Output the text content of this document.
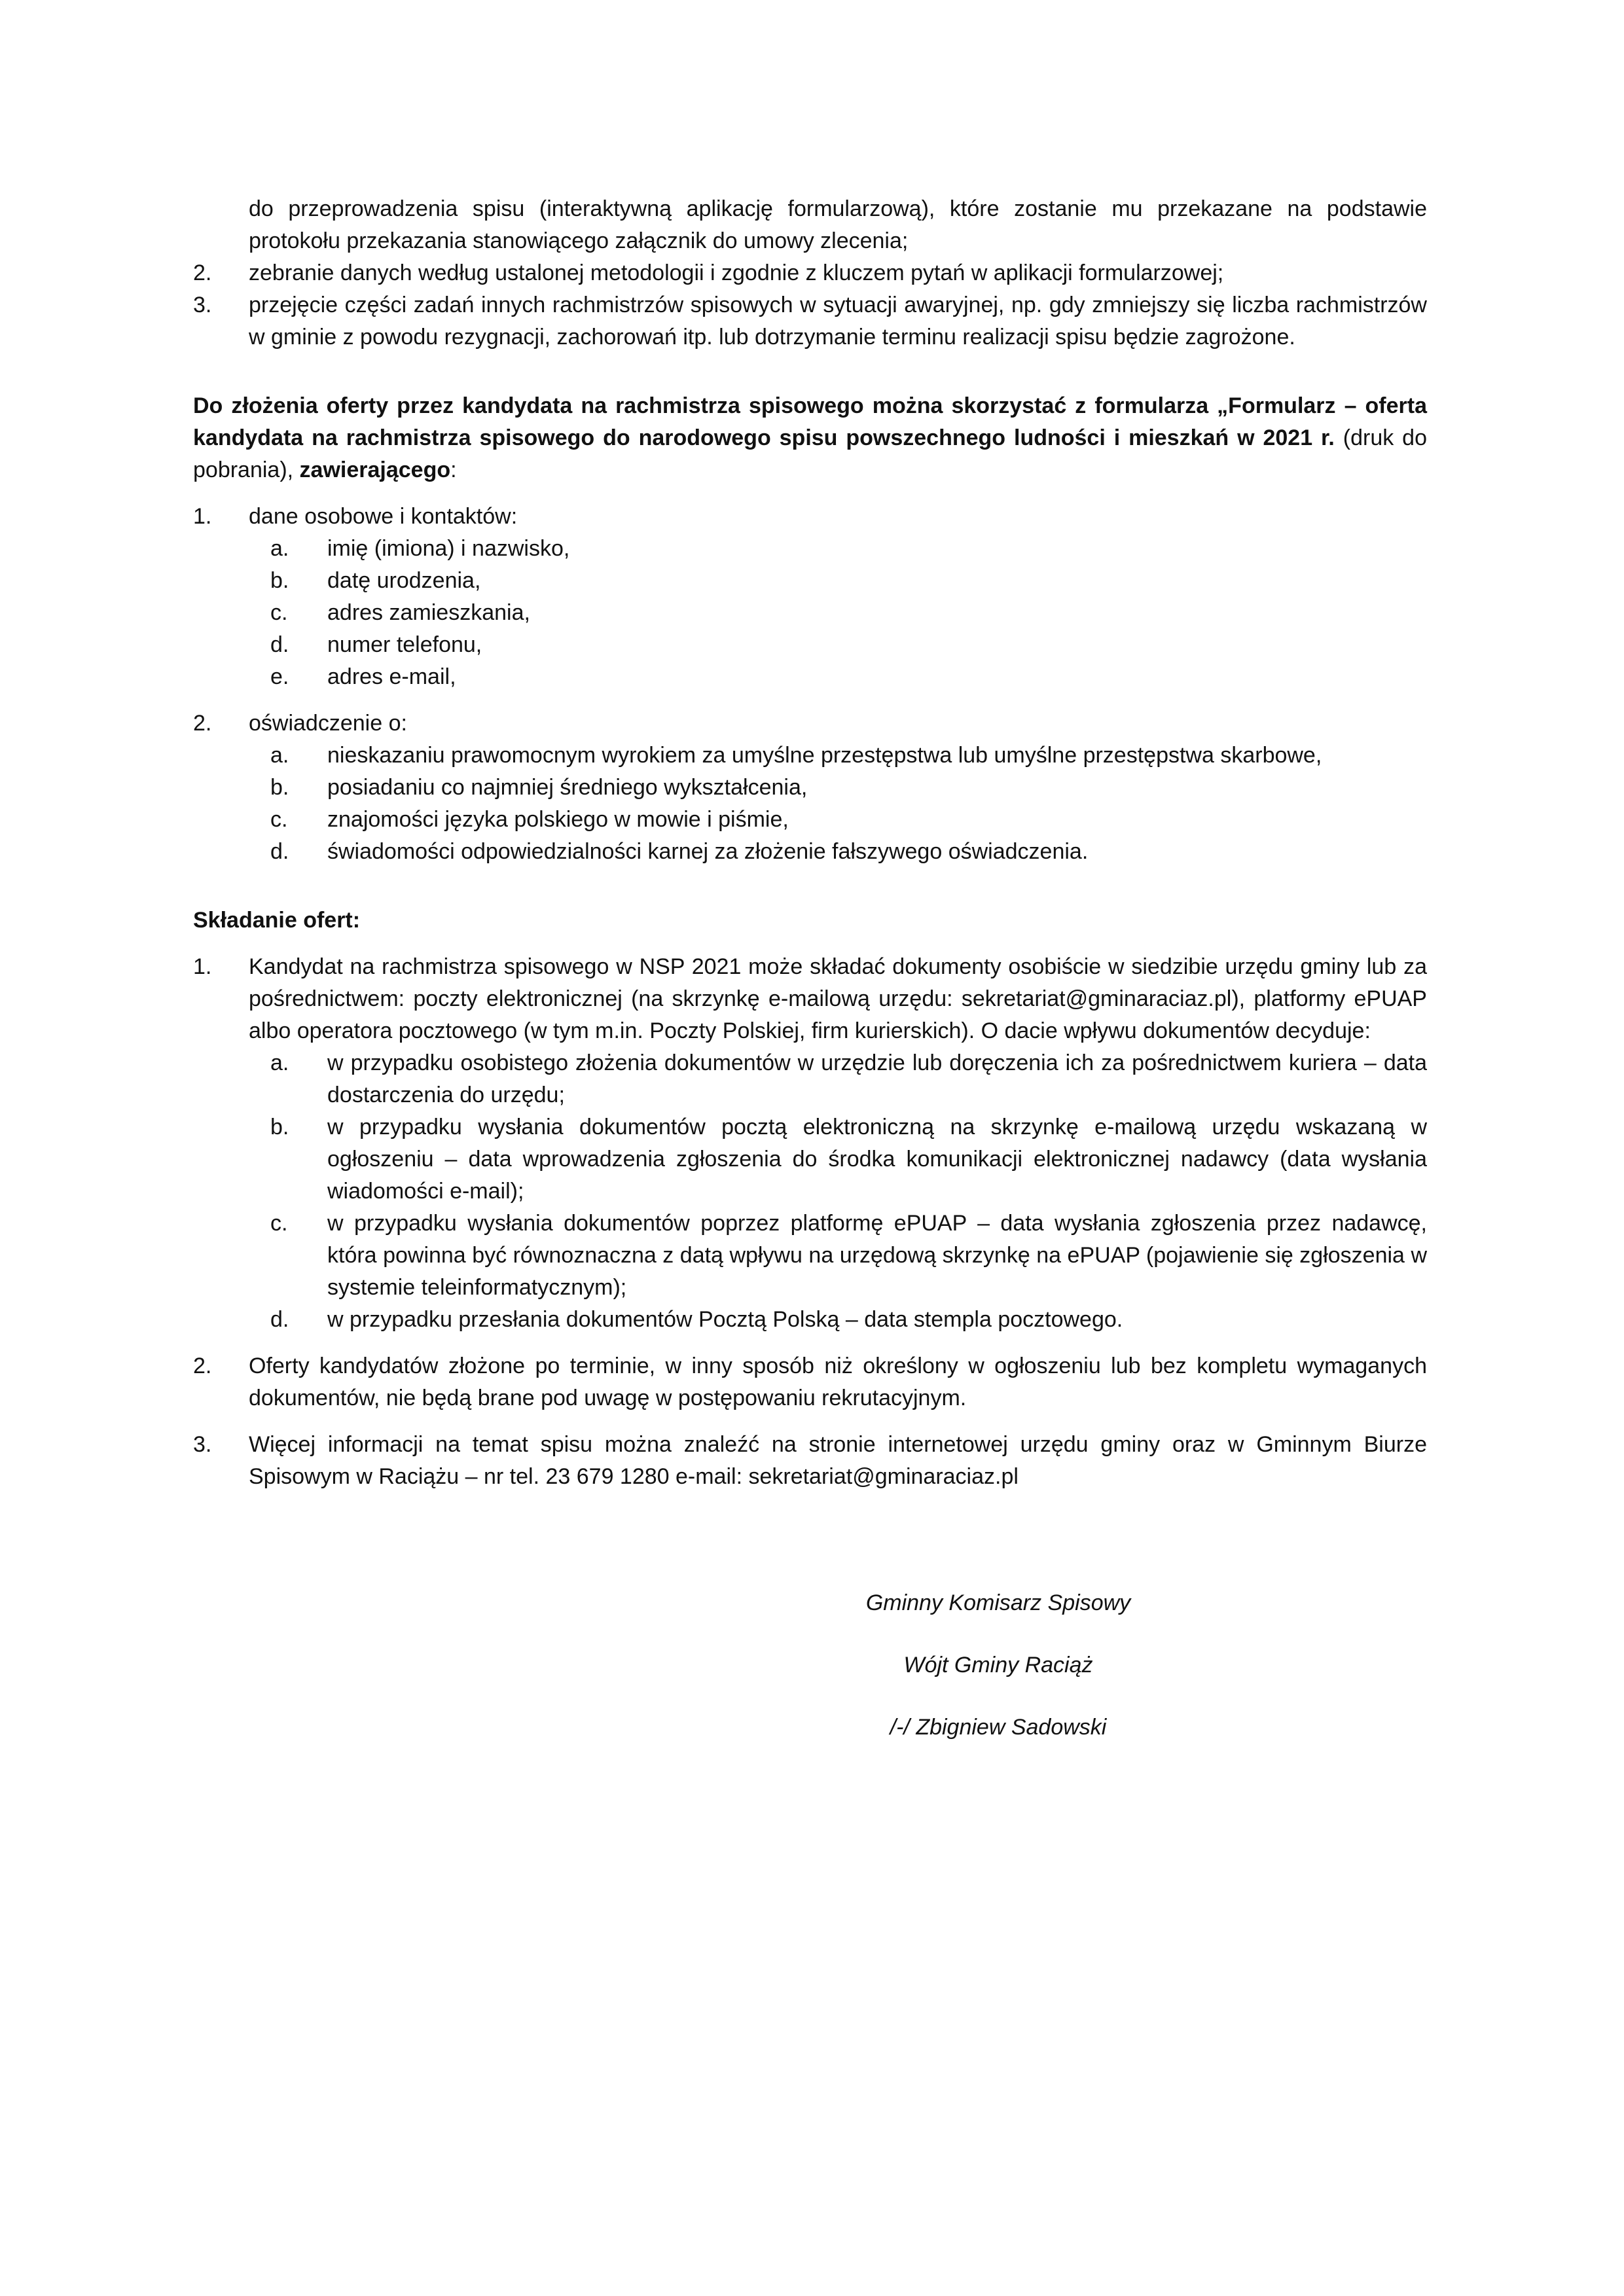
do przeprowadzenia spisu (interaktywną aplikację formularzową), które zostanie mu przekazane na podstawie protokołu przekazania stanowiącego załącznik do umowy zlecenia;
2. zebranie danych według ustalonej metodologii i zgodnie z kluczem pytań w aplikacji formularzowej;
3. przejęcie części zadań innych rachmistrzów spisowych w sytuacji awaryjnej, np. gdy zmniejszy się liczba rachmistrzów w gminie z powodu rezygnacji, zachorowań itp. lub dotrzymanie terminu realizacji spisu będzie zagrożone.
Do złożenia oferty przez kandydata na rachmistrza spisowego można skorzystać z formularza „Formularz – oferta kandydata na rachmistrza spisowego do narodowego spisu powszechnego ludności i mieszkań w 2021 r. (druk do pobrania), zawierającego:
1. dane osobowe i kontaktów:
a. imię (imiona) i nazwisko,
b. datę urodzenia,
c. adres zamieszkania,
d. numer telefonu,
e. adres e-mail,
2. oświadczenie o:
a. nieskazaniu prawomocnym wyrokiem za umyślne przestępstwa lub umyślne przestępstwa skarbowe,
b. posiadaniu co najmniej średniego wykształcenia,
c. znajomości języka polskiego w mowie i piśmie,
d. świadomości odpowiedzialności karnej za złożenie fałszywego oświadczenia.
Składanie ofert:
1. Kandydat na rachmistrza spisowego w NSP 2021 może składać dokumenty osobiście w siedzibie urzędu gminy lub za pośrednictwem: poczty elektronicznej (na skrzynkę e-mailową urzędu: sekretariat@gminaraciaz.pl), platformy ePUAP albo operatora pocztowego (w tym m.in. Poczty Polskiej, firm kurierskich). O dacie wpływu dokumentów decyduje:
a. w przypadku osobistego złożenia dokumentów w urzędzie lub doręczenia ich za pośrednictwem kuriera – data dostarczenia do urzędu;
b. w przypadku wysłania dokumentów pocztą elektroniczną na skrzynkę e-mailową urzędu wskazaną w ogłoszeniu – data wprowadzenia zgłoszenia do środka komunikacji elektronicznej nadawcy (data wysłania wiadomości e-mail);
c. w przypadku wysłania dokumentów poprzez platformę ePUAP – data wysłania zgłoszenia przez nadawcę, która powinna być równoznaczna z datą wpływu na urzędową skrzynkę na ePUAP (pojawienie się zgłoszenia w systemie teleinformatycznym);
d. w przypadku przesłania dokumentów Pocztą Polską – data stempla pocztowego.
2. Oferty kandydatów złożone po terminie, w inny sposób niż określony w ogłoszeniu lub bez kompletu wymaganych dokumentów, nie będą brane pod uwagę w postępowaniu rekrutacyjnym.
3. Więcej informacji na temat spisu można znaleźć na stronie internetowej urzędu gminy oraz w Gminnym Biurze Spisowym w Raciążu – nr tel. 23 679 1280 e-mail: sekretariat@gminaraciaz.pl
Gminny Komisarz Spisowy
Wójt Gminy Raciąż
/-/ Zbigniew Sadowski
